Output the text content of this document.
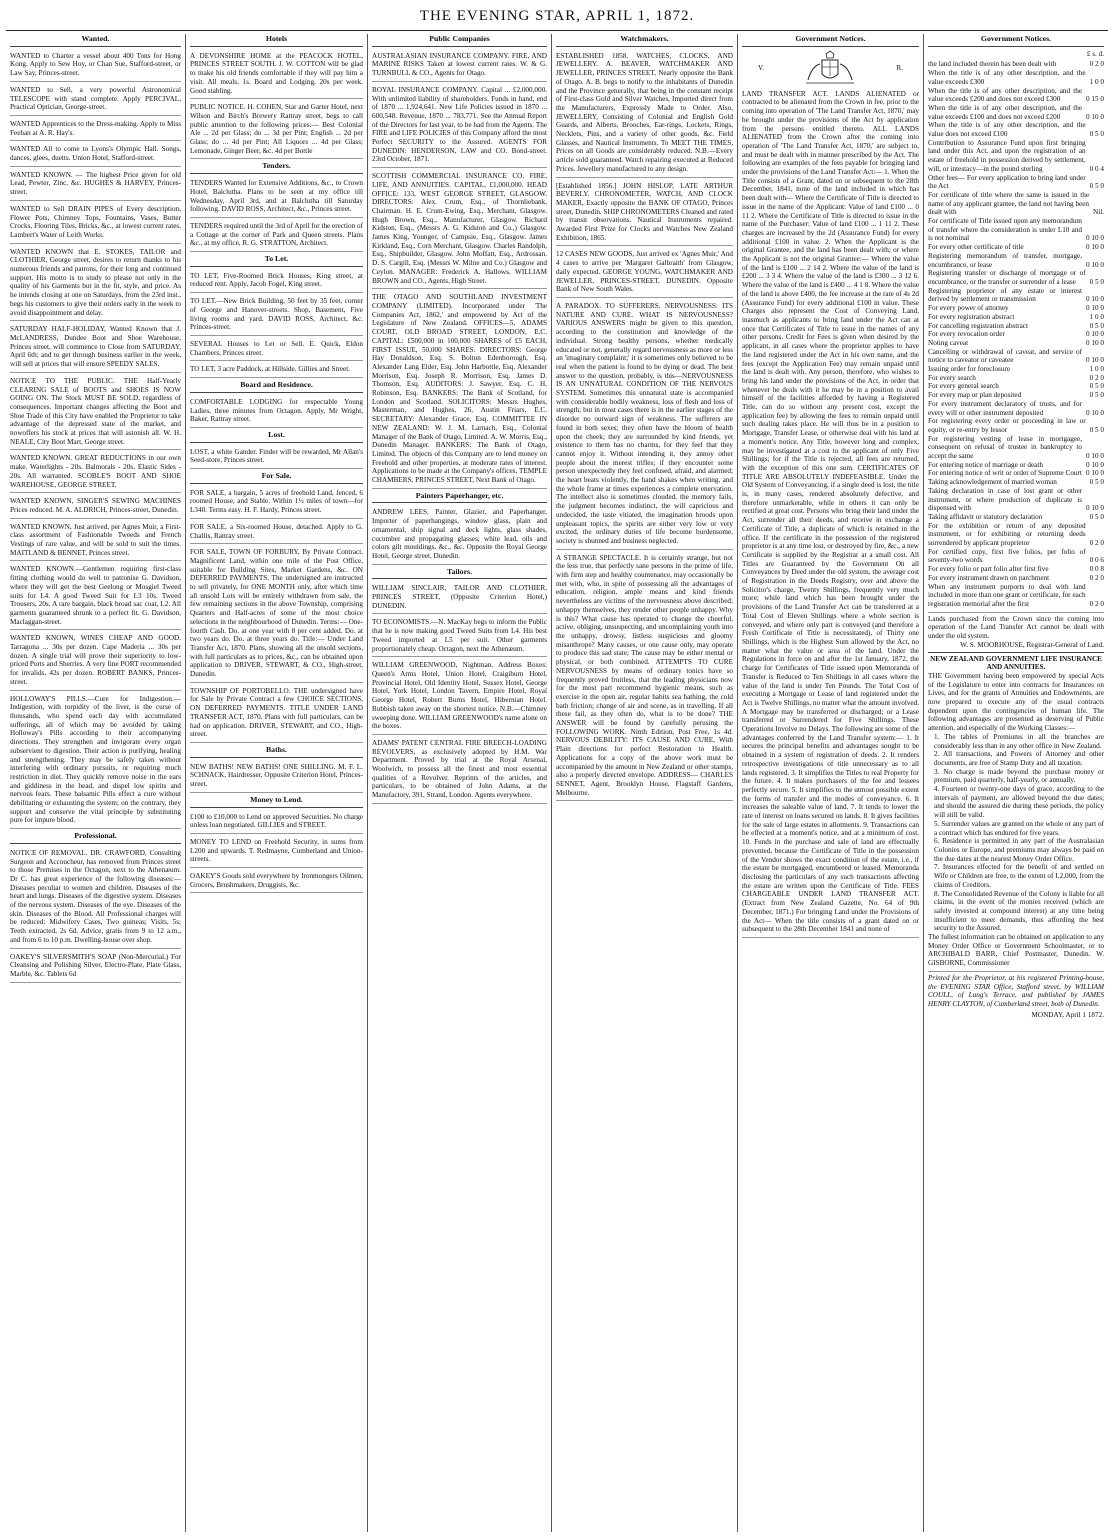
THE EVENING STAR, APRIL 1, 1872.
Wanted.

WANTED to Charter a vessel about 400 Tons for Hong Kong. Apply to Sew Hoy, or Chan Sue, Stafford-street, or Law Say, Princes-street.

WANTED to Sell, a very powerful Astronomical TELESCOPE with stand complete. Apply PERCIVAL, Practical Optician, George-street.

WANTED Apprentices to the Dress-making. Apply to Miss Feehan at A. R. Hay's.

WANTED All to come to Lyons's Olympic Hall. Songs, dances, glees, duetts. Union Hotel, Stafford-street.

WANTED KNOWN. — The highest Price given for old Lead, Pewter, Zinc, &c. HUGHES & HARVEY, Princes-street.

WANTED to Sell DRAIN PIPES of Every description, Flower Pots, Chimney Tops, Fountains, Vases, Butter Crocks, Flooring Tiles, Bricks, &c., at lowest current rates. Lambert's Water of Leith Works.

WANTED KNOWN that E. STOKES, TAILOR and CLOTHIER, George street, desires to return thanks to his numerous friends and patrons, for their long and continued support. His motto is to study to please not only in the quality of his Garments but in the fit, style, and price. As he intends closing at one on Saturdays, from the 23rd inst., begs his customers to give their orders early in the week to avoid disappointment and delay.

SATURDAY HALF-HOLIDAY, Wanted Known that J. McLANDRESS, Dundee Boot and Shoe Warehouse, Princes street, will commence to Close from SATURDAY, April 6th; and to get through business earlier in the week, will sell at prices that will ensure SPEEDY SALES.

NOTICE TO THE PUBLIC. THE Half-Yearly CLEARING SALE of BOOTS and SHOES IS NOW GOING ON. The Stock MUST BE SOLD, regardless of consequences. Important changes affecting the Boot and Shoe Trade of this City have enabled the Proprietor to take advantage of the depressed state of the market, and nowoffers his stock at prices that will astonish all. W. H. NEALE, City Boot Mart, George street.

WANTED KNOWN. GREAT REDUCTIONS in our own make. Waterlights - 20s. Balmorals - 20s. Elastic Sides - 20s. All warranted. SCOBLE'S BOOT AND SHOE WAREHOUSE, GEORGE STREET.

WANTED KNOWN, SINGER'S SEWING MACHINES Prices reduced. M. A. ALDRICH, Princes-street, Dunedin.

WANTED KNOWN, Just arrived, per Agnes Muir, a First-class assortment of Fashionable Tweeds and French Vestings of rare value, and will be sold to suit the times. MAITLAND & BENNET, Princes street.

WANTED KNOWN.—Gentlemen requiring first-class fitting clothing would do well to patronise G. Davidson, where they will get the best Geelong or Mosgiel Tweed suits for L4. A good Tweed Suit for L3 10s. Tweed Trousers, 20s. A rare bargain, black broad sac coat, L2. All garments guaranteed shrunk to a perfect fit. G. Davidson, Maclaggan-street.

WANTED KNOWN, WINES CHEAP AND GOOD. Tarragona ... 30s per dozen. Cape Maderia ... 30s per dozen. A single trial will prove their superiority to low-priced Ports and Sherries. A very fine PORT recommended for invalids, 42s per dozen. ROBERT BANKS, Princes-street.

HOLLOWAY'S PILLS.—Cure for Indigestion.—Indigestion, with torpidity of the liver, is the curse of thousands, who spend each day with accumulated sufferings, all of which may be avoided by taking Holloway's Pills according to their accompanying directions. They strengthen and invigorate every organ subservient to digestion. Their action is purifying, healing and strengthening. They may be safely taken without interfering with ordinary pursuits, or requiring much restriction in diet. They quickly remove noise in the ears and giddiness in the head, and dispel low spirits and nervous fears. These balsamic Pills effect a cure without debilitating or exhausting the system; on the contrary, they support and conserve the vital principle by substituting pure for impure blood.

Professional.

NOTICE OF REMOVAL. DR. CRAWFORD, Consulting Surgeon and Accoucheur, has removed from Princes street to those Premises in the Octagon, next to the Athenæum. Dr C. has great experience of the following diseases:— Diseases peculiar to women and children. Diseases of the heart and lungs. Diseases of the digestive system. Diseases of the nervous system. Diseases of the eye. Diseases of the skin. Diseases of the Blood. All Professional charges will be reduced: Midwifery Cases, Two guineas; Visits, 5s; Teeth extracted, 2s 6d. Advice, gratis from 9 to 12 a.m., and from 6 to 10 p.m. Dwelling-house over shop.

OAKEY'S SILVERSMITH'S SOAP (Non-Mercurial,) For Cleansing and Polishing Silver, Electro-Plate, Plate Glass, Marble, &c. Tablets 6d

Hotels

A DEVONSHIRE HOME at the PEACOCK HOTEL, PRINCES STREET SOUTH. J. W. COTTON will be glad to make his old friends comfortable if they will pay him a visit. All meals, 1s. Board and Lodging, 20s per week. Good stabling.

PUBLIC NOTICE. H. COHEN, Star and Garter Hotel, next Wilson and Birch's Brewery Rattray street, begs to call public attention to the following prices:— Best Colonial Ale ... 2d per Glass; do ... 3d per Pint; English ... 2d per Glass; do ... 4d per Pint; All Liquors ... 4d per Glass; Lemonade, Ginger Beer, &c. 4d per Bottle

Tenders.

TENDERS Wanted for Extensive Additions, &c., to Crown Hotel, Balclutha. Plans to be seen at my office till Wednesday, April 3rd, and at Balclutha till Saturday following. DAVID ROSS, Architect, &c., Princes street.

TENDERS required until the 3rd of April for the erection of a Cottage at the corner of Park and Queen streets. Plans &c., at my office, R. G. STRATTON, Architect.

To Let.

TO LET, Five-Roomed Brick Houses, King street, at reduced rent. Apply, Jacob Fogel, King street.

TO LET.—New Brick Building, 50 feet by 35 feet, corner of George and Hanover-streets. Shop, Basement, Five living rooms and yard. DAVID ROSS, Architect, &c. Princes-street.

SEVERAL Houses to Let or Sell. E. Quick, Eldon Chambers, Princes street.

TO LET, 3 acre Paddock, at Hillside. Gillies and Street.

Board and Residence.

COMFORTABLE LODGING for respectable Young Ladies, three minutes from Octagon. Apply, Mr Wright, Baker, Rattray street.

Lost.

LOST, a white Gander. Finder will be rewarded, Mr Allan's Seed-store, Princes street.

For Sale.

FOR SALE, a bargain, 5 acres of freehold Land, fenced, 6 roomed House, and Stable. Within 1½ miles of town—for L340. Terms easy. H. F. Hardy, Princes street.

FOR SALE, a Six-roomed House, detached. Apply to G. Challis, Rattray street.

FOR SALE, TOWN OF FORBURY, By Private Contract. Magnificent Land, within one mile of the Post Office, suitable for Building Sites, Market Gardens, &c. ON DEFERRED PAYMENTS. The undersigned are instructed to sell privately, for ONE MONTH only, after which time all unsold Lots will be entirely withdrawn from sale, the few remaining sections in the above Township, comprising Quarters and Half-acres of some of the most choice selections in the neighbourhood of Dunedin. Terms:— One-fourth Cash. Do. at one year with 8 per cent added. Do. at two years do. Do. at three years do. Title:— Under Land Transfer Act, 1870. Plans, showing all the unsold sections, with full particulars as to prices, &c., can be obtained upon application to DRIVER, STEWART, & CO., High-street, Dunedin.

TOWNSHIP OF PORTOBELLO. THE undersigned have for Sale by Private Contract a few CHOICE SECTIONS, ON DEFERRED PAYMENTS. TITLE UNDER LAND TRANSFER ACT, 1870. Plans with full particulars, can be had on application. DRIVER, STEWART, and CO., High-street.

Baths.

NEW BATHS! NEW BATHS! ONE SHILLING. M. F. L. SCHNACK, Hairdresser, Opposite Criterion Hotel, Princes-street.

Money to Lend.

£100 to £10,000 to Lend on approved Securities. No charge unless loan negotiated. GILLIES and STREET.

MONEY TO LEND on Freehold Security, in sums from L200 and upwards. T. Redmayne, Cumberland and Union-streets.

OAKEY'S Goods sold everywhere by Ironmongers Oilmen, Grocers, Brushmakers, Druggists, &c.

Public Companies

AUSTRALASIAN INSURANCE COMPANY. FIRE, AND MARINE RISKS Taken at lowest current rates. W. & G. TURNBULL & CO., Agents for Otago.

ROYAL INSURANCE COMPANY. Capital ... £2,000,000. With unlimited liability of shareholders. Funds in hand, end of 1870 ... 1,924,641. New Life Policies issued in 1870 ... 600,548. Revenue, 1870 ... 783,771. See the Annual Report of the Directors for last year, to be had from the Agents. The FIRE and LIFE POLICIES of this Company afford the most Perfect SECURITY to the Assured. AGENTS FOR DUNEDIN: HENDERSON, LAW and CO. Bond-street. 23rd October, 1871.

SCOTTISH COMMERCIAL INSURANCE CO. FIRE, LIFE, AND ANNUITIES. CAPITAL, £1,000,000. HEAD OFFICE: 133, WEST GEORGE STREET, GLASGOW. DIRECTORS: Alex. Crum, Esq., of Thornliebank, Chairman. H. E. Crum-Ewing, Esq., Merchant, Glasgow. Hugh Brown, Esq., Manufacturer, Glasgow. Richard Kidston, Esq., (Messrs A. G. Kidston and Co.,) Glasgow. James King, Younger, of Campsie, Esq., Glasgow. James Kirkland, Esq., Corn Merchant, Glasgow. Charles Randolph, Esq., Shipbuilder, Glasgow. John Moffatt, Esq., Ardrossan. D. S. Cargill, Esq. (Messrs W. Milne and Co.) Glasgow and Ceylon. MANAGER: Frederick A. Hallows. WILLIAM BROWN and CO., Agents, High Street.

THE OTAGO AND SOUTHLAND INVESTMENT COMPANY (LIMITED). Incorporated under 'The Companies Act, 1862,' and empowered by Act of the Legislature of New Zealand. OFFICES—5, ADAMS COURT, OLD BROAD STREET, LONDON, E.C. CAPITAL: £500,000 in 100,000 SHARES of £5 EACH, FIRST ISSUE, 50,000 SHARES. DIRECTORS: George Hay Donaldson, Esq. S. Bolton Edenborough, Esq. Alexander Lang Elder, Esq. John Harbottle, Esq. Alexander Morrison, Esq. Joseph R. Morrison, Esq. James D. Thomson, Esq. AUDITORS: J. Sawyer, Esq. C. H. Robinson, Esq. BANKERS: The Bank of Scotland, for London and Scotland. SOLICITORS: Messrs Hughes, Masterman, and Hughes, 26, Austin Friars, E.C. SECRETARY: Alexander Grace, Esq. COMMITTEE IN NEW ZEALAND: W. J. M. Larnach, Esq., Colonial Manager of the Bank of Otago, Limited. A. W. Morris, Esq., Dunedin Manager. BANKERS: The Bank of Otago, Limited. The objects of this Company are to lend money on Freehold and other properties, at moderate rates of interest. Applications to be made at the Company's offices, TEMPLE CHAMBERS, PRINCES STREET, Next Bank of Otago.

Painters Paperhanger, etc.

ANDREW LEES, Painter, Glazier, and Paperhanger, Importer of paperhangings, window glass, plain and ornamental, ship signal and deck lights, glass shades, cucumber and propagating glasses; white lead, oils and colors gilt mouldings, &c., &c. Opposite the Royal George Hotel, George street, Dunedin.

Tailors.

WILLIAM SINCLAIR, TAILOR AND CLOTHIER, PRINCES STREET, (Opposite Criterion Hotel,) DUNEDIN.

TO ECONOMISTS.—N. MacKay begs to inform the Public that he is now making good Tweed Suits from L4. His best Tweed imported at L5 per suit. Other garments proportionately cheap. Octagon, next the Athenæum.

WILLIAM GREENWOOD, Nightman. Address Boxes: Queen's Arms Hotel, Union Hotel, Craigiburn Hotel, Provincial Hotel, Old Identity Hotel, Sussex Hotel, George Hotel, York Hotel, London Tavern, Empire Hotel, Royal George Hotel, Robert Burns Hotel, Hibernian Hotel. Rubbish taken away on the shortest notice. N.B.—Chimney sweeping done. WILLIAM GREENWOOD's name alone on the boxes.

ADAMS' PATENT CENTRAL FIRE BREECH-LOADING REVOLVERS, as exclusively adopted by H.M. War Department. Proved by trial at the Royal Arsenal, Woolwich, to possess all the finest and most essential qualities of a Revolver. Reprints of the articles, and particulars, to be obtained of John Adams, at the Manufactory, 391, Strand, London. Agents everywhere.

Watchmakers.

ESTABLISHED 1858. WATCHES, CLOCKS, AND JEWELLERY. A. BEAVER, WATCHMAKER AND JEWELLER, PRINCES STREET, Nearly opposite the Bank of Otago. A. B. begs to notify to the inhabitants of Dunedin and the Province generally, that being in the constant receipt of First-class Gold and Silver Watches, Imported direct from the Manufacturers, Expressly Made to Order. Also, JEWELLERY, Consisting of Colonial and English Gold Guards, and Alberts, Brooches, Ear-rings, Lockets, Rings, Necklets, Pins, and a variety of other goods, &c. Field Glasses, and Nautical Instruments. To MEET THE TIMES, Prices on all Goods are considerably reduced. N.B.—Every article sold guaranteed. Watch repairing executed at Reduced Prices. Jewellery manufactured to any design.

[Established 1856.] JOHN HISLOP, LATE ARTHUR BEVERLY. CHRONOMETER, WATCH, AND CLOCK MAKER, Exactly opposite the BANK OF OTAGO, Princes street, Dunedin. SHIP CHRONOMETERS Cleaned and rated by transit observations. Nautical Instruments repaired. Awarded First Prize for Clocks and Watches New Zealand Exhibition, 1865.

12 CASES NEW GOODS, Just arrived ex 'Agnes Muir,' And 4 cases to arrive per 'Margaret Galbraith' from Glasgow, daily expected. GEORGE YOUNG, WATCHMAKER AND JEWELLER, PRINCES-STREET, DUNEDIN. Opposite Bank of New South Wales.

A PARADOX. TO SUFFERERS. NERVOUSNESS: ITS NATURE AND CURE. WHAT IS NERVOUSNESS? VARIOUS ANSWERS might be given to this question, according to the constitution and knowledge of the individual. Strong healthy persons, whether medically educated or not, generally regard nervousness as more or less an 'imaginary complaint;' it is sometimes only believed to be real when the patient is found to be dying or dead. The best answer to the question, probably, is this—NERVOUSNESS IS AN UNNATURAL CONDITION OF THE NERVOUS SYSTEM. Sometimes this unnatural state is accompanied with considerable bodily weakness, loss of flesh and loss of strength; but in most cases there is in the earlier stages of the disorder no outward sign of weakness. The sufferers are found in both sexes; they often have the bloom of health upon the cheek; they are surrounded by kind friends, yet existence to them has no charms, for they feel that they cannot enjoy it. Without intending it, they annoy other people about the merest trifles; if they encounter some person unexpectedly they feel confused, afraid, and alarmed; the heart beats violently, the hand shakes when writing, and the whole frame at times experiences a complete enervation. The intellect also is sometimes clouded, the memory fails, the judgment becomes indistinct, the will capricious and undecided, the taste vitiated, the imagination broods upon unpleasant topics, the spirits are either very low or very excited, the ordinary duties of life become burdensome, society is shunned and business neglected.

A STRANGE SPECTACLE. It is certainly strange, but not the less true, that perfectly sane persons in the prime of life, with firm step and healthy countenance, may occasionally be met with, who, in spite of possessing all the advantages of education, religion, ample means and kind friends nevertheless are victims of the nervousness above described; unhappy themselves, they render other people unhappy. Why is this? What cause has operated to change the cheerful, active, obliging, unsuspecting, and uncomplaining youth into the unhappy, drowsy, listless suspicious and gloomy misanthrope? Many causes, or one cause only, may operate to produce this sad state; The cause may be either mental or physical, or both combined. ATTEMPTS TO CURE NERVOUSNESS by means of ordinary tonics have so frequently proved fruitless, that the leading physicians now for the most part recommend hygienic means, such as exercise in the open air, regular habits sea bathing, the cold bath friction; change of air and scene, as in travelling. If all these fail, as they often do, what is to be done? THE ANSWER will be found by carefully perusing the FOLLOWING WORK. Ninth Edition, Post Free, 1s 4d. NERVOUS DEBILITY: ITS CAUSE AND CURE, With Plain directions for perfect Restoration to Health. Applications for a copy of the above work must be accompanied by the amount in New Zealand or other stamps, also a properly directed envelope. ADDRESS— CHARLES SENNET, Agent, Brooklyn House, Flagstaff Gardens, Melbourne.

Government Notices.
V.	R.

LAND TRANSFER ACT. LANDS ALIENATED or contracted to be alienated from the Crown in fee, prior to the coming into operation of 'The Land Transfer Act, 1870,' may be brought under the provisions of the Act by application from the persons entitled thereto. ALL LANDS ALIENATED from the Crown after the coming into operation of 'The Land Transfer Act, 1870,' are subject to, and must be dealt with in manner prescribed by the Act. The following are examples of the fees payable for bringing land under the provisions of the Land Transfer Act:— 1. When the Title consists of a Grant, dated on or subsequent to the 28th December, 1841, none of the land included in which has been dealt with— Where the Certificate of Title is directed to issue in the name of the Applicant: Value of land £100 ... 0 11 2. Where the Certificate of Title is directed to issue in the name of the Purchaser: Value of land £100 ... 1 11 2. These charges are increased by the 2d (Assurance Fund) for every additional £100 in value. 2. When the Applicant is the original Grantee, and the land has been dealt with; or where the Applicant is not the original Grantee:— Where the value of the land is £100 ... 2 14 2. Where the value of the land is £200 ... 3 3 4. Where the value of the land is £300 ... 3 12 6. Where the value of the land is £400 ... 4 1 8. Where the value of the land is above £400, the fee increase at the rate of 4s 2d (Assurance Fund) for every additional £100 in value. These Charges also represent the Cost of Conveying Land, inasmuch as applicants to bring land under the Act can at once that Certificates of Title to issue in the names of any other persons. Credit for Fees is given when desired by the applicant, in all cases where the proprietor applies to have the land registered under the Act in his own name, and the fees (except the Application Fee) may remain unpaid until the land is dealt with. Any person, therefore, who wishes to bring his land under the provisions of the Act, in order that whenever he deals with it he may be in a position to avail himself of the facilities afforded by having a Registered Title, can do so without any present cost, except the application fee) by allowing the fees to remain unpaid until such dealing takes place. He will thus be in a position to Mortgage, Transfer Lease, or otherwise deal with his land at a moment's notice. Any Title, however long and complex, may be investigated at a cost to the applicant of only Five Shillings; for if the Title is rejected, all fees are returned, with the exception of this one sum. CERTIFICATES OF TITLE ARE ABSOLUTELY INDEFEASIBLE. Under the Old System of Conveyancing, if a single deed is lost, the title is, in many cases, rendered absolutely defective, and therefore unmarketable, while in others it can only be rectified at great cost. Persons who bring their land under the Act, surrender all their deeds, and receive in exchange a Certificate of Title, a duplicate of which is retained in the office. If the certificate in the possession of the registered proprietor is at any time lost, or destroyed by fire, &c., a new Certificate is supplied by the Registrar at a small cost. All Titles are Guaranteed by the Government On all Conveyances by Deed under the old system, the average cost of Registration in the Deeds Registry, over and above the Solicitor's charge, Twenty Shillings, frequently very much more; while land which has been brought under the provisions of the Land Transfer Act can be transferred at a Total Cost of Eleven Shillings where a whole section is conveyed, and where only part is conveyed (and therefore a Fresh Certificate of Title is necessitated), of Thirty one Shillings, which is the Highest Sum allowed by the Act, no matter what the value or area of the land. Under the Regulations in force on and after the 1st January, 1872, the charge for Certificates of Title issued upon Memoranda of Transfer is Reduced to Ten Shillings in all cases where the value of the land is under Ten Pounds. The Total Cost of executing a Mortgage or Lease of land registered under the Act is Twelve Shillings, no matter what the amount involved. A Mortgage may be transferred or discharged; or a Lease transferred or Surrendered for Five Shillings. These Operations Involve no Delays. The following are some of the advantages conferred by the Land Transfer system:— 1. It secures the principal benefits and advantages sought to be obtained in a system of registration of deeds. 2. It renders retrospective investigations of title unnecessary as to all lands registered. 3. It simplifies the Titles to real Property for the future. 4. It makes purchasers of the fee and lessees perfectly secure. 5. It simplifies to the utmost possible extent the forms of transfer and the modes of conveyance. 6. It increases the saleable value of land. 7. It tends to lower the rate of interest on loans secured on lands. 8. It gives facilities for the sale of large estates in allotments. 9. Transactions can be effected at a moment's notice, and at a minimum of cost. 10. Funds in the purchase and sale of land are effectually prevented, because the Certificate of Title in the possession of the Vendor shows the exact condition of the estate, i.e., if the estate be mortgaged, encumbered or leased. Memoranda disclosing the particulars of any such transactions affecting the estate are written upon the Certificate of Title. FEES CHARGEABLE UNDER LAND TRANSFER ACT. (Extract from New Zealand Gazette, No. 64 of 9th December, 1871.) For bringing Land under the Provisions of the Act— When the title consists of a grant dated on or subsequent to the 28th December 1841 and none of

Government Notices.
£ s. d.
the land included therein has been dealt with	0 2 0
When the title is of any other description, and the value exceeds £300	1 0 0
When the title is of any other description, and the value exceeds £200 and does not exceed £300	0 15 0
When the title is of any other description, and the value exceeds £100 and does not exceed £200	0 10 0
When the title is of any other description, and the value does not exceed £100	0 5 0
Contribution to Assurance Fund upon first bringing land under this Act, and upon the registration of an estate of freehold in possession derived by settlement, will, or intestacy—in the pound sterling	0 0 4
Other fees— For every application to bring land under the Act	0 5 0
For certificate of title where the same is issued in the name of any applicant grantee, the land not having been dealt with	Nil.
For certificate of Title issued upon any memorandum of transfer where the consideration is under L10 and is not nominal	0 10 0
For every other certificate of title	0 10 0
Registering memorandum of transfer, mortgage, encumbrance, or lease	0 10 0
Registering transfer or discharge of mortgage or of encumbrance, or the transfer or surrender of a lease	0 5 0
Registering proprietor of any estate or interest derived by settlement or transmission	0 10 0
For every power of attorney	0 10 0
For every registration abstract	1 0 0
For cancelling registration abstract	0 5 0
For every revocation order	0 10 0
Noting caveat	0 10 0
Cancelling or withdrawal of caveat, and service of notice to caveator or caveatee	0 10 0
Issuing order for foreclosure	1 0 0
For every search	0 2 0
For every general search	0 5 0
For every map or plan deposited	0 5 0
For every instrument declaratory of trusts, and for every will or other instrument deposited	0 10 0
For registering every order or proceeding in law or equity, or re-entry by lessor	0 5 0
For registering vesting of lease in mortgagee, consequent on refusal of trustee in bankruptcy to accept the same	0 10 0
For entering notice of marriage or death	0 10 0
For entering notice of writ or order of Supreme Court 0 10 0
Taking acknowledgement of married woman	0 5 0
Taking declaration in case of lost grant or other instrument, or where production of duplicate is dispensed with	0 10 0
Taking affidavit or statutory declaration	0 5 0
For the exhibition or return of any deposited instrument, or for exhibiting or returning deeds surrendered by applicant proprietor	0 2 0
For certified copy, first five folios, per folio of seventy-two words	0 0 6
For every folio or part folio after first five	0 0 8
For every instrument drawn on parchment	0 2 0
When any instrument purports to deal with land included in more than one grant or certificate, for each registration memorial after the first	0 2 0

Lands purchased from the Crown since the coming into operation of the Land Transfer Act cannot be dealt with under the old system.

W. S. MOORHOUSE, Registrar-General of Land.
NEW ZEALAND GOVERNMENT LIFE INSURANCE AND ANNUITIES.

THE Government having been empowered by special Acts of the Legislature to enter into contracts for Insurances on Lives, and for the grants of Annuities and Endowments, are now prepared to execute any of the usual contracts dependent upon the contingencies of human life. The following advantages are presented as deserving of Public attention, and especially of the Working Classes:—

1. The tables of Premiums in all the branches are considerably less than in any other office in New Zealand.

2. All transactions, and Powers of Attorney and other documents, are free of Stamp Duty and all taxation.

3. No charge is made beyond the purchase money or premium, paid quarterly, half-yearly, or annually.

4. Fourteen or twenty-one days of grace, according to the intervals of payment, are allowed beyond the due dates; and should the assured die during these periods, the policy will still be valid.

5. Surrender values are granted on the whole or any part of a contract which has endured for five years.

6. Residence is permitted in any part of the Australasian Colonies or Europe, and premiums may always be paid on the due dates at the nearest Money Order Office.

7. Insurances effected for the benefit of and settled on Wife or Children are free, to the extent of L2,000, from the claims of Creditors.

8. The Consolidated Revenue of the Colony is liable for all claims, in the event of the monies received (which are safely invested at compound interest) at any time being insufficient to meet demands, thus affording the best security to the Assured.

The fullest information can be obtained on application to any Money Order Office or Government Schoolmaster, or to ARCHIBALD BARR, Chief Postmaster, Dunedin. W. GISBORNE, Commissioner

Printed for the Proprietor, at his registered Printing-house, the EVENING STAR Office, Stafford street, by WILLIAM COULL, of Lang's Terrace, and published by JAMES HENRY CLAYTON, of Cumberland street, both of Dunedin.

MONDAY, April 1 1872.
